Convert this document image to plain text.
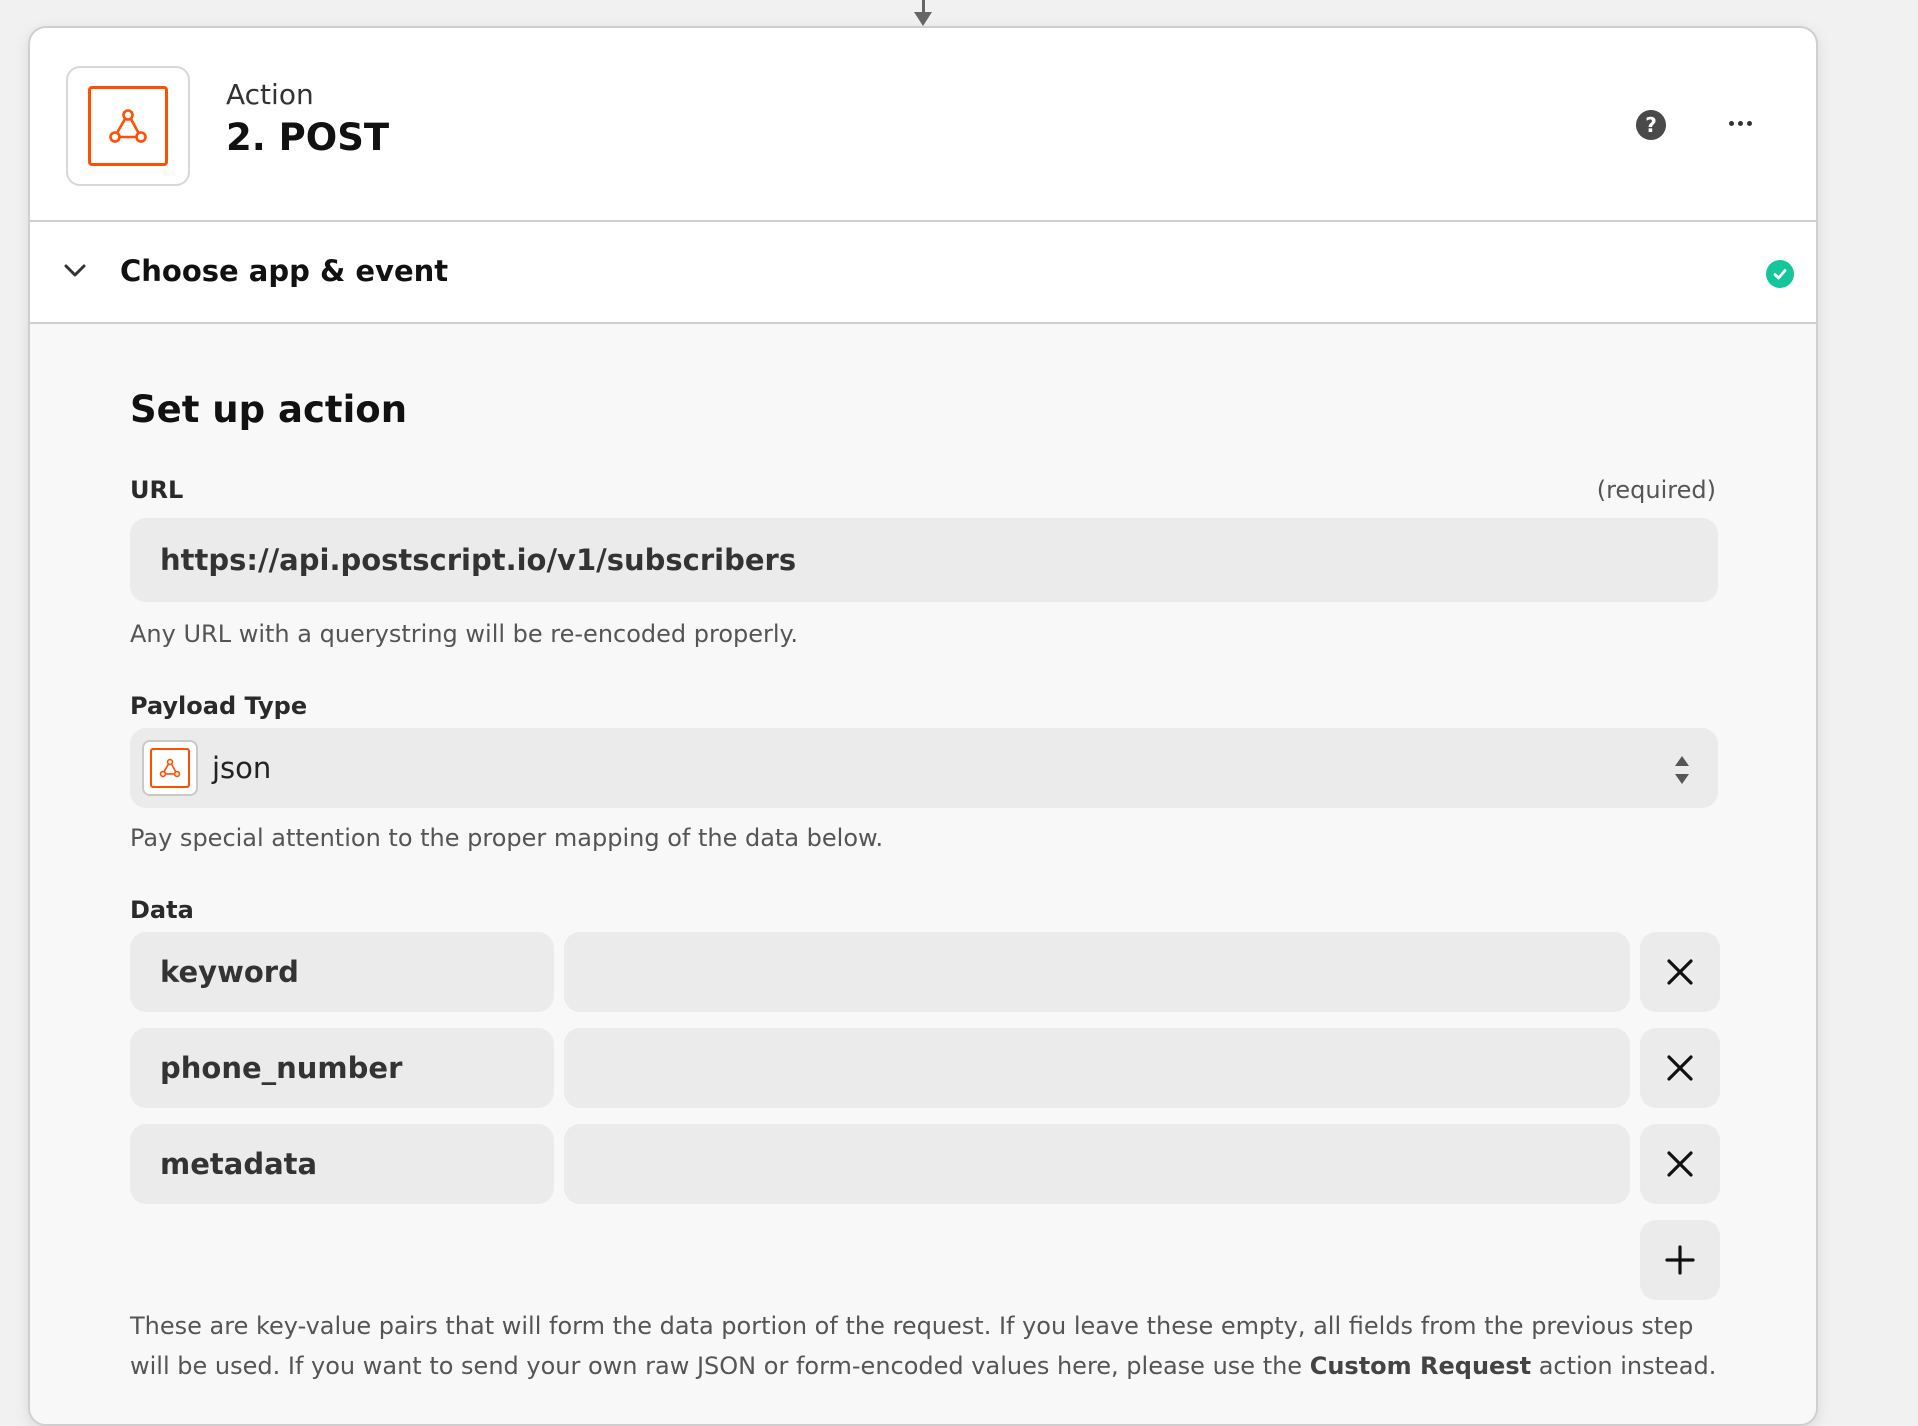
Action
2. POST	?
Choose app & event
Set up action
URL	(required)
https://api.postscript.io/v1/subscribers
Any URL with a querystring will be re-encoded properly.
Payload Type
json
Pay special attention to the proper mapping of the data below.
Data
keyword
phone_number
metadata
These are key-value pairs that will form the data portion of the request. If you leave these empty, all fields from the previous step will be used. If you want to send your own raw JSON or form-encoded values here, please use the Custom Request action instead.
